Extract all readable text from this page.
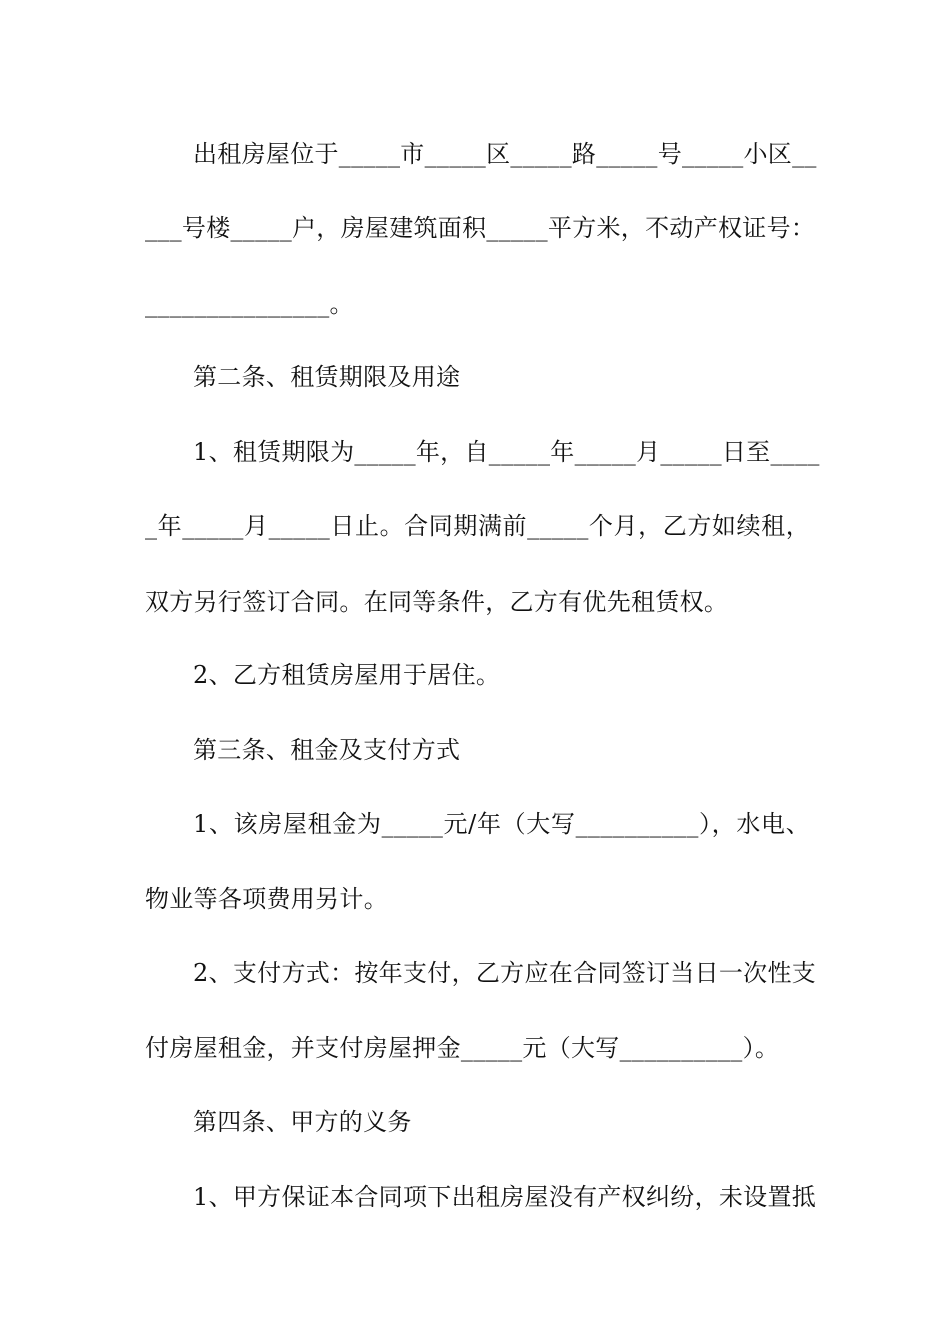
出租房屋位于_____市_____区_____路_____号_____小区__
___号楼_____户，房屋建筑面积_____平方米，不动产权证号：
_______________。
第二条、租赁期限及用途
1、租赁期限为_____年，自_____年_____月_____日至____
_年_____月_____日止。合同期满前_____个月，乙方如续租，
双方另行签订合同。在同等条件，乙方有优先租赁权。
2、乙方租赁房屋用于居住。
第三条、租金及支付方式
1、该房屋租金为_____元/年（大写__________），水电、
物业等各项费用另计。
2、支付方式：按年支付，乙方应在合同签订当日一次性支
付房屋租金，并支付房屋押金_____元（大写__________）。
第四条、甲方的义务
1、甲方保证本合同项下出租房屋没有产权纠纷，未设置抵
